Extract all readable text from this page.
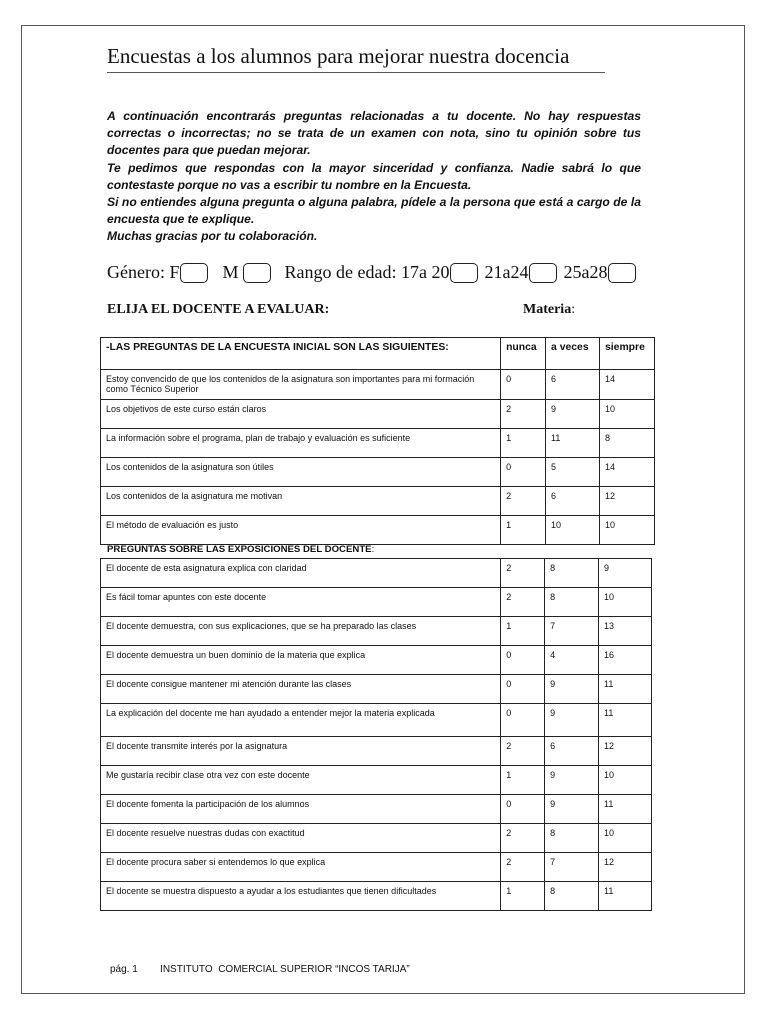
Encuestas a los alumnos para mejorar nuestra docencia

A continuación encontrarás preguntas relacionadas a tu docente. No hay respuestas correctas o incorrectas; no se trata de un examen con nota, sino tu opinión sobre tus docentes para que puedan mejorar.

Te pedimos que respondas con la mayor sinceridad y confianza. Nadie sabrá lo que contestaste porque no vas a escribir tu nombre en la Encuesta.

Si no entiendes alguna pregunta o alguna palabra, pídele a la persona que está a cargo de la encuesta que te explique.

Muchas gracias por tu colaboración.

Género: F M	Rango de edad: 17a 20 21a24 25a28
ELIJA EL DOCENTE A EVALUAR:	Materia:
-LAS PREGUNTAS DE LA ENCUESTA INICIAL SON LAS SIGUIENTES:	nunca	a veces	siempre
Estoy convencido de que los contenidos de la asignatura son importantes para mi formación como Técnico Superior	0	6	14
Los objetivos de este curso están claros	2	9	10
La información sobre el programa, plan de trabajo y evaluación es suficiente	1	11	8
Los contenidos de la asignatura son útiles	0	5	14
Los contenidos de la asignatura me motivan	2	6	12
El método de evaluación es justo	1	10	10
PREGUNTAS SOBRE LAS EXPOSICIONES DEL DOCENTE:
El docente de esta asignatura explica con claridad	2	8	9
Es fácil tomar apuntes con este docente	2	8	10
El docente demuestra, con sus explicaciones, que se ha preparado las clases	1	7	13
El docente demuestra un buen dominio de la materia que explica	0	4	16
El docente consigue mantener mi atención durante las clases	0	9	11
La explicación del docente me han ayudado a entender mejor la materia explicada	0	9	11
El docente transmite interés por la asignatura	2	6	12
Me gustaría recibir clase otra vez con este docente	1	9	10
El docente fomenta la participación de los alumnos	0	9	11
El docente resuelve nuestras dudas con exactitud	2	8	10
El docente procura saber si entendemos lo que explica	2	7	12
El docente se muestra dispuesto a ayudar a los estudiantes que tienen dificultades	1	8	11
pág. 1 INSTITUTO  COMERCIAL SUPERIOR “INCOS TARIJA”
